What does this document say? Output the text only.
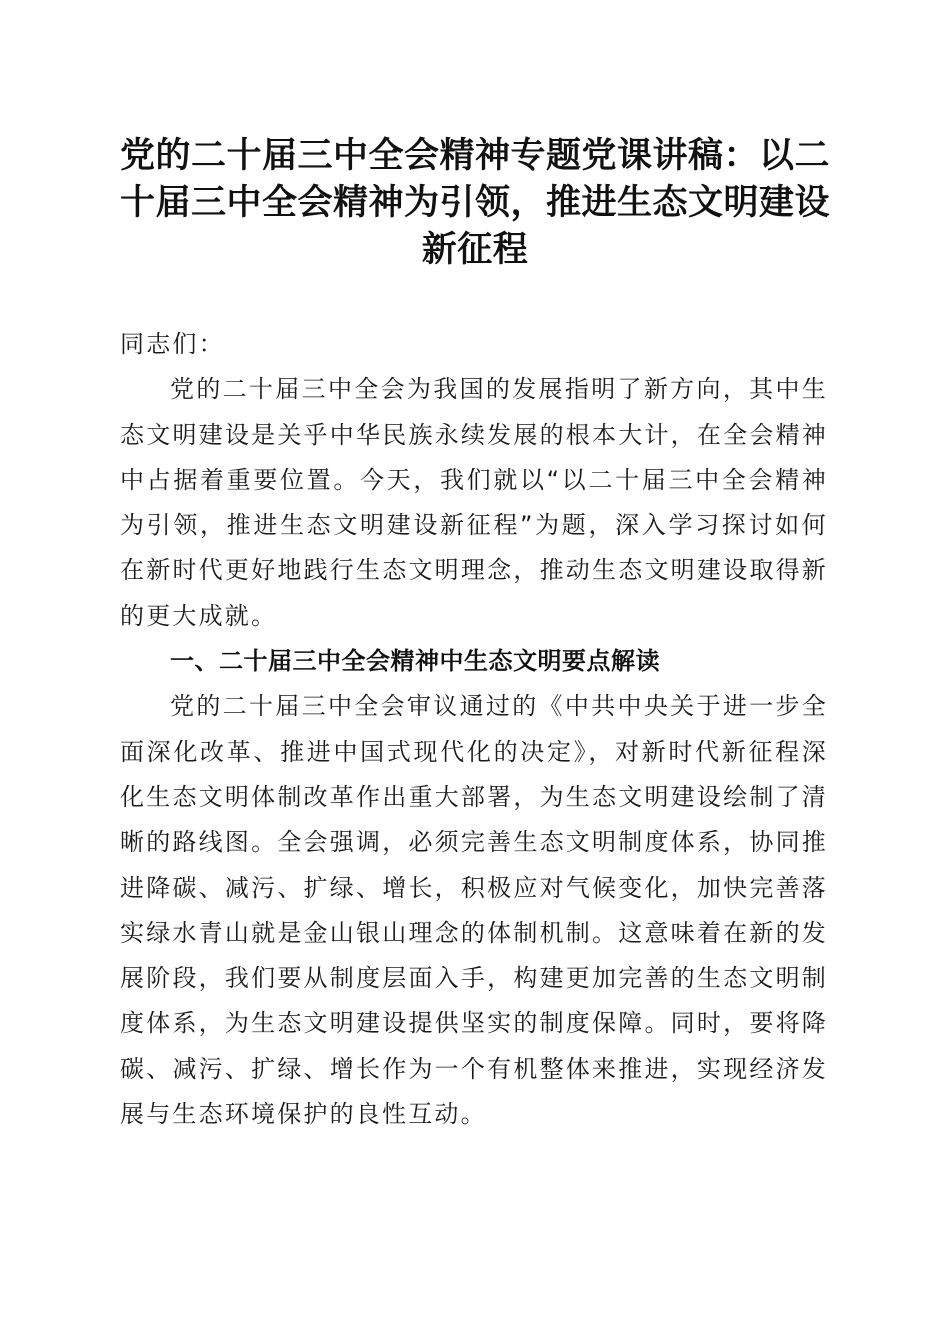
党的二十届三中全会精神专题党课讲稿：以二十届三中全会精神为引领，推进生态文明建设新征程

同志们：

党的二十届三中全会为我国的发展指明了新方向，其中生态文明建设是关乎中华民族永续发展的根本大计，在全会精神中占据着重要位置。今天，我们就以“以二十届三中全会精神为引领，推进生态文明建设新征程”为题，深入学习探讨如何在新时代更好地践行生态文明理念，推动生态文明建设取得新的更大成就。

一、二十届三中全会精神中生态文明要点解读

党的二十届三中全会审议通过的《中共中央关于进一步全面深化改革、推进中国式现代化的决定》，对新时代新征程深化生态文明体制改革作出重大部署，为生态文明建设绘制了清晰的路线图。全会强调，必须完善生态文明制度体系，协同推进降碳、减污、扩绿、增长，积极应对气候变化，加快完善落实绿水青山就是金山银山理念的体制机制。这意味着在新的发展阶段，我们要从制度层面入手，构建更加完善的生态文明制度体系，为生态文明建设提供坚实的制度保障。同时，要将降碳、减污、扩绿、增长作为一个有机整体来推进，实现经济发展与生态环境保护的良性互动。
